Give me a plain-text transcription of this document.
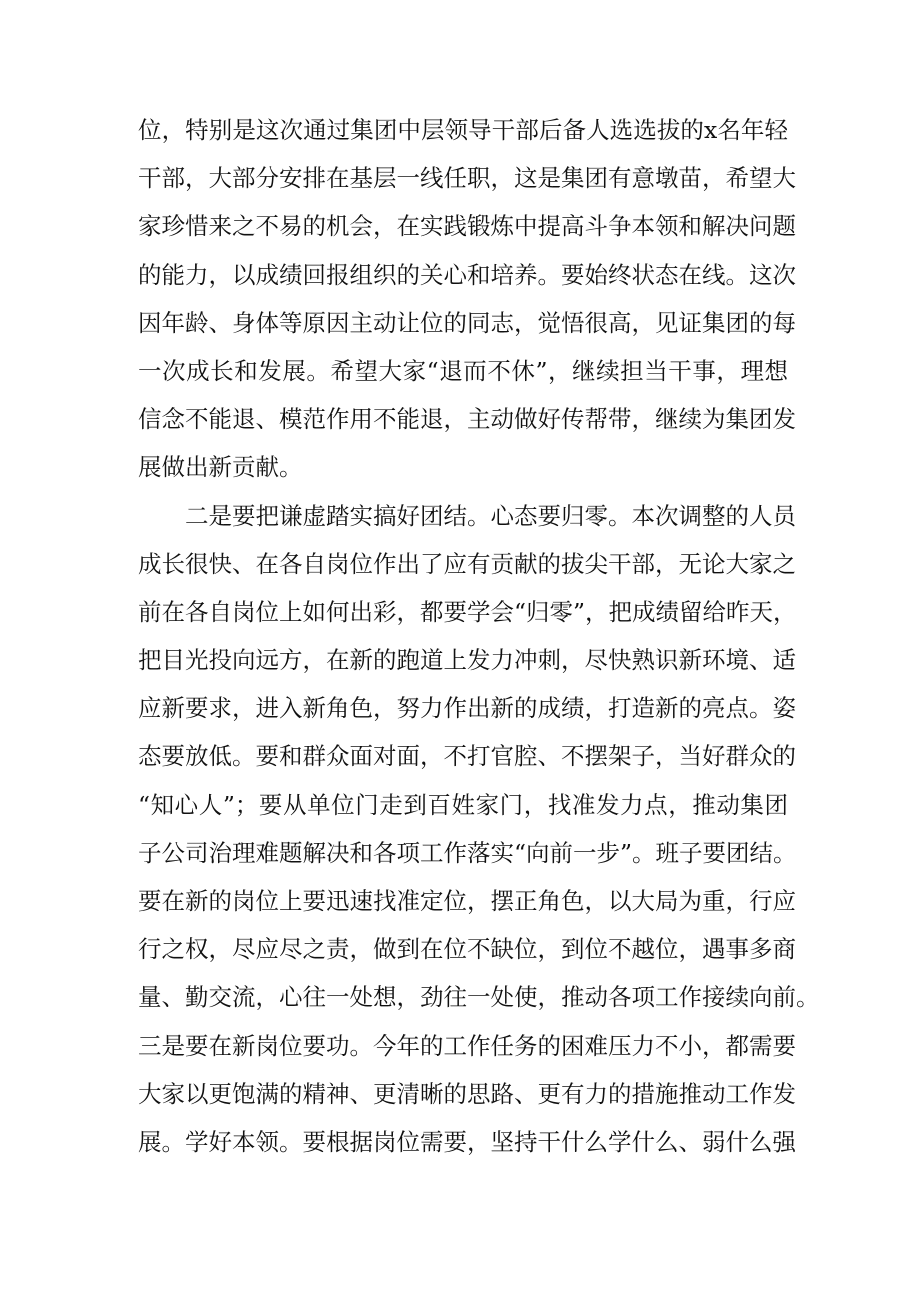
位，特别是这次通过集团中层领导干部后备人选选拔的x名年轻
干部，大部分安排在基层一线任职，这是集团有意墩苗，希望大
家珍惜来之不易的机会，在实践锻炼中提高斗争本领和解决问题
的能力，以成绩回报组织的关心和培养。要始终状态在线。这次
因年龄、身体等原因主动让位的同志，觉悟很高，见证集团的每
一次成长和发展。希望大家“退而不休”，继续担当干事，理想
信念不能退、模范作用不能退，主动做好传帮带，继续为集团发
展做出新贡献。
　　二是要把谦虚踏实搞好团结。心态要归零。本次调整的人员
成长很快、在各自岗位作出了应有贡献的拔尖干部，无论大家之
前在各自岗位上如何出彩，都要学会“归零”，把成绩留给昨天，
把目光投向远方，在新的跑道上发力冲刺，尽快熟识新环境、适
应新要求，进入新角色，努力作出新的成绩，打造新的亮点。姿
态要放低。要和群众面对面，不打官腔、不摆架子，当好群众的
“知心人”；要从单位门走到百姓家门，找准发力点，推动集团
子公司治理难题解决和各项工作落实“向前一步”。班子要团结。
要在新的岗位上要迅速找准定位，摆正角色，以大局为重，行应
行之权，尽应尽之责，做到在位不缺位，到位不越位，遇事多商
量、勤交流，心往一处想，劲往一处使，推动各项工作接续向前。
三是要在新岗位要功。今年的工作任务的困难压力不小，都需要
大家以更饱满的精神、更清晰的思路、更有力的措施推动工作发
展。学好本领。要根据岗位需要，坚持干什么学什么、弱什么强
